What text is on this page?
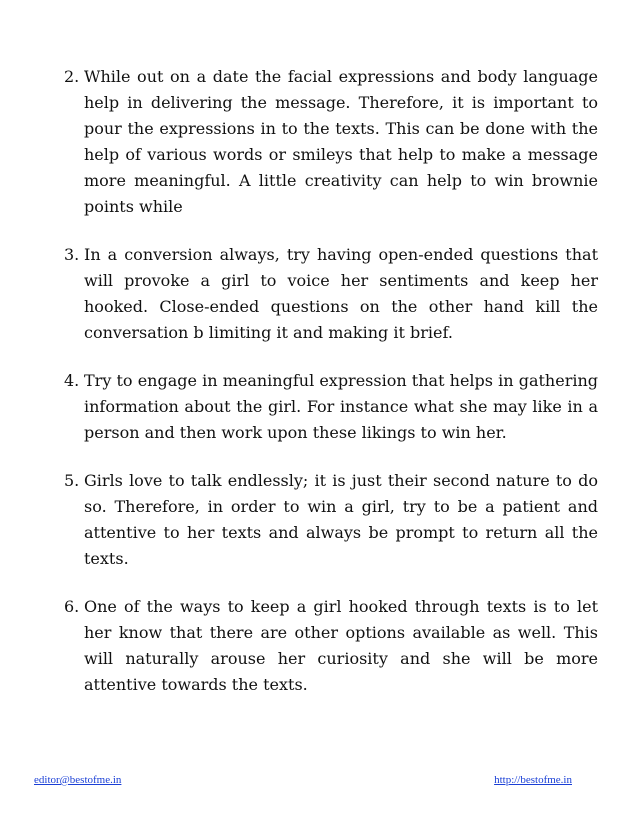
2. While out on a date the facial expressions and body language help in delivering the message. Therefore, it is important to pour the expressions in to the texts. This can be done with the help of various words or smileys that help to make a message more meaningful. A little creativity can help to win brownie points while
3. In a conversion always, try having open-ended questions that will provoke a girl to voice her sentiments and keep her hooked. Close-ended questions on the other hand kill the conversation b limiting it and making it brief.
4. Try to engage in meaningful expression that helps in gathering information about the girl. For instance what she may like in a person and then work upon these likings to win her.
5. Girls love to talk endlessly; it is just their second nature to do so. Therefore, in order to win a girl, try to be a patient and attentive to her texts and always be prompt to return all the texts.
6. One of the ways to keep a girl hooked through texts is to let her know that there are other options available as well. This will naturally arouse her curiosity and she will be more attentive towards the texts.
editor@bestofme.in	http://bestofme.in
